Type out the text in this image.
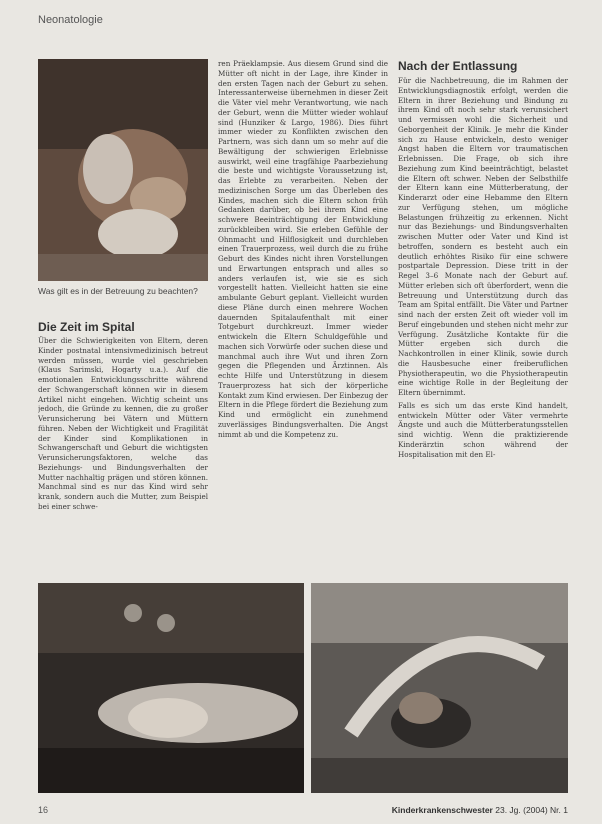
Neonatologie
Was gilt es in der Betreuung zu beachten?
Die Zeit im Spital

Über die Schwierigkeiten von Eltern, deren Kinder postnatal intensivmedizinisch betreut werden müssen, wurde viel geschrieben (Klaus Sarimski, Hogarty u.a.). Auf die emotionalen Entwicklungsschritte während der Schwangerschaft können wir in diesem Artikel nicht eingehen. Wichtig scheint uns jedoch, die Gründe zu kennen, die zu großer Verunsicherung bei Vätern und Müttern führen. Neben der Wichtigkeit und Fragilität der Kinder sind Komplikationen in Schwangerschaft und Geburt die wichtigsten Verunsicherungsfaktoren, welche das Beziehungs- und Bindungsverhalten der Mutter nachhaltig prägen und stören können. Manchmal sind es nur das Kind wird sehr krank, sondern auch die Mutter, zum Beispiel bei einer schwe-

ren Präeklampsie. Aus diesem Grund sind die Mütter oft nicht in der Lage, ihre Kinder in den ersten Tagen nach der Geburt zu sehen. Interessanterweise übernehmen in dieser Zeit die Väter viel mehr Verantwortung, wie nach der Geburt, wenn die Mütter wieder wohlauf sind (Hunziker & Largo, 1986). Dies führt immer wieder zu Konflikten zwischen den Partnern, was sich dann um so mehr auf die Bewältigung der schwierigen Erlebnisse auswirkt, weil eine tragfähige Paarbeziehung die beste und wichtigste Voraussetzung ist, das Erlebte zu verarbeiten. Neben der medizinischen Sorge um das Überleben des Kindes, machen sich die Eltern schon früh Gedanken darüber, ob bei ihrem Kind eine schwere Beeinträchtigung der Entwicklung zurückbleiben wird. Sie erleben Gefühle der Ohnmacht und Hilflosigkeit und durchleben einen Trauerprozess, weil durch die zu frühe Geburt des Kindes nicht ihren Vorstellungen und Erwartungen entsprach und alles so anders verlaufen ist, wie sie es sich vorgestellt hatten. Vielleicht hatten sie eine ambulante Geburt geplant. Vielleicht wurden diese Pläne durch einen mehrere Wochen dauernden Spitalaufenthalt mit einer Totgeburt durchkreuzt. Immer wieder entwickeln die Eltern Schuldgefühle und machen sich Vorwürfe oder suchen diese und manchmal auch ihre Wut und ihren Zorn gegen die Pflegenden und Ärztinnen. Als echte Hilfe und Unterstützung in diesem Trauerprozess hat sich der körperliche Kontakt zum Kind erwiesen. Der Einbezug der Eltern in die Pflege fördert die Beziehung zum Kind und ermöglicht ein zunehmend zuverlässiges Bindungsverhalten. Die Angst nimmt ab und die Kompetenz zu.

Nach der Entlassung

Für die Nachbetreuung, die im Rahmen der Entwicklungsdiagnostik erfolgt, werden die Eltern in ihrer Beziehung und Bindung zu ihrem Kind oft noch sehr stark verunsichert und vermissen wohl die Sicherheit und Geborgenheit der Klinik. Je mehr die Kinder sich zu Hause entwickeln, desto weniger Angst haben die Eltern vor traumatischen Erlebnissen. Die Frage, ob sich ihre Beziehung zum Kind beeinträchtigt, belastet die Eltern oft schwer. Neben der Selbsthilfe der Eltern kann eine Mütterberatung, der Kinderarzt oder eine Hebamme den Eltern zur Verfügung stehen, um mögliche Belastungen frühzeitig zu erkennen. Nicht nur das Beziehungs- und Bindungsverhalten zwischen Mutter oder Vater und Kind ist betroffen, sondern es besteht auch ein deutlich erhöhtes Risiko für eine schwere postpartale Depression. Diese tritt in der Regel 3–6 Monate nach der Geburt auf. Mütter erleben sich oft überfordert, wenn die Betreuung und Unterstützung durch das Team am Spital entfällt. Die Väter und Partner sind nach der ersten Zeit oft wieder voll im Beruf eingebunden und stehen nicht mehr zur Verfügung. Zusätzliche Kontakte für die Mütter ergeben sich durch die Nachkontrollen in einer Klinik, sowie durch die Hausbesuche einer freiberuflichen Physiotherapeutin, wo die Physiotherapeutin eine wichtige Rolle in der Begleitung der Eltern übernimmt.

Falls es sich um das erste Kind handelt, entwickeln Mütter oder Väter vermehrte Ängste und auch die Mütterberatungsstellen sind wichtig. Wenn die praktizierende Kinderärztin schon während der Hospitalisation mit den El-

16	Kinderkrankenschwester 23. Jg. (2004) Nr. 1
